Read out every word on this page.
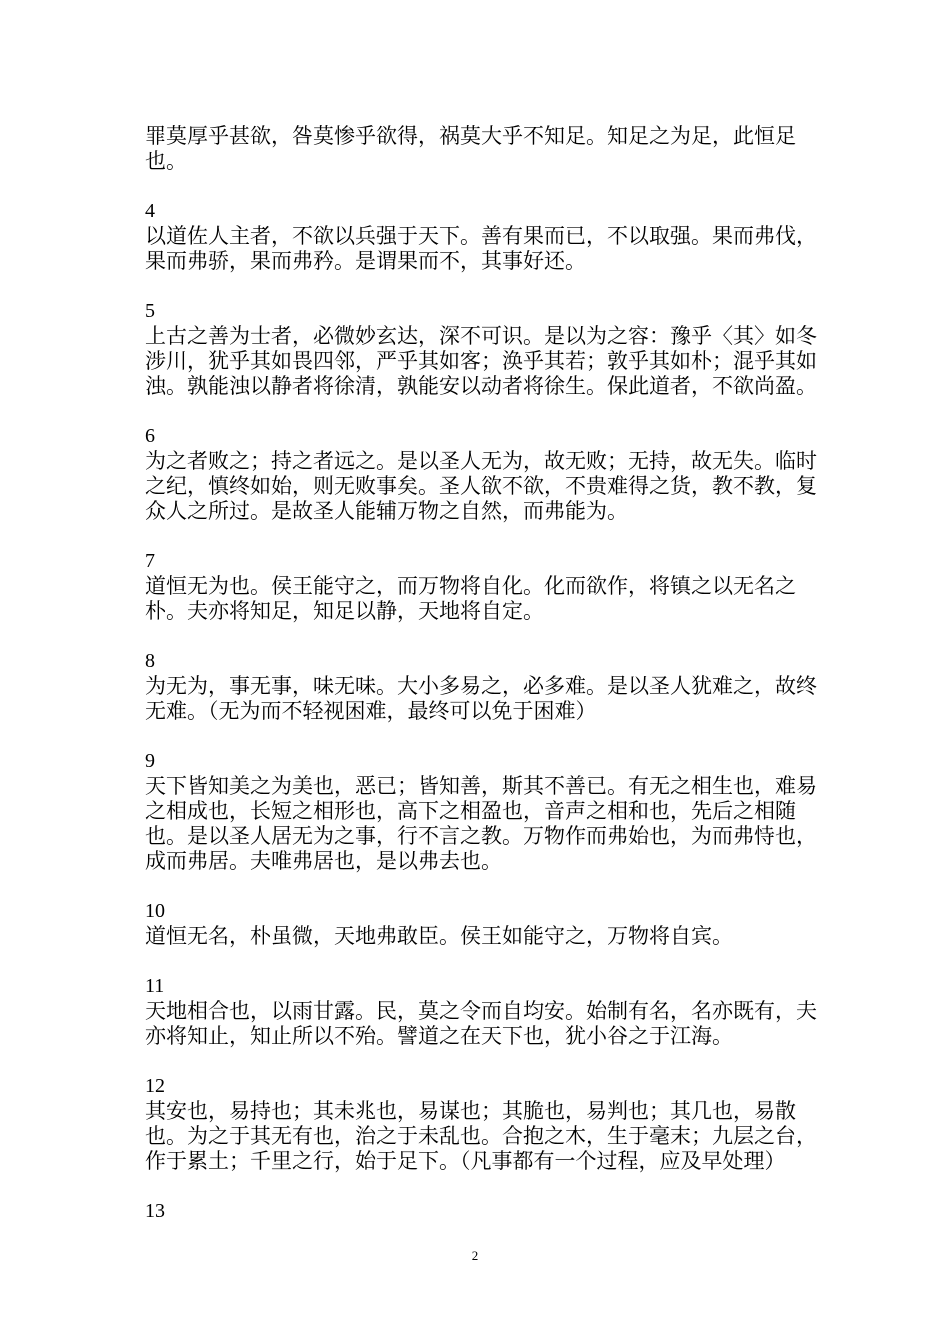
罪莫厚乎甚欲，咎莫惨乎欲得，祸莫大乎不知足。知足之为足，此恒足也。
4
以道佐人主者，不欲以兵强于天下。善有果而已，不以取强。果而弗伐，果而弗骄，果而弗矜。是谓果而不，其事好还。
5
上古之善为士者，必微妙玄达，深不可识。是以为之容：豫乎〈其〉如冬涉川，犹乎其如畏四邻，严乎其如客；涣乎其若；敦乎其如朴；混乎其如浊。孰能浊以静者将徐清，孰能安以动者将徐生。保此道者，不欲尚盈。
6
为之者败之；持之者远之。是以圣人无为，故无败；无持，故无失。临时之纪，慎终如始，则无败事矣。圣人欲不欲，不贵难得之货，教不教，复众人之所过。是故圣人能辅万物之自然，而弗能为。
7
道恒无为也。侯王能守之，而万物将自化。化而欲作，将镇之以无名之朴。夫亦将知足，知足以静，天地将自定。
8
为无为，事无事，味无味。大小多易之，必多难。是以圣人犹难之，故终无难。（无为而不轻视困难，最终可以免于困难）
9
天下皆知美之为美也，恶已；皆知善，斯其不善已。有无之相生也，难易之相成也，长短之相形也，高下之相盈也，音声之相和也，先后之相随也。是以圣人居无为之事，行不言之教。万物作而弗始也，为而弗恃也，成而弗居。夫唯弗居也，是以弗去也。
10
道恒无名，朴虽微，天地弗敢臣。侯王如能守之，万物将自宾。
11
天地相合也，以雨甘露。民，莫之令而自均安。始制有名，名亦既有，夫亦将知止，知止所以不殆。譬道之在天下也，犹小谷之于江海。
12
其安也，易持也；其未兆也，易谋也；其脆也，易判也；其几也，易散也。为之于其无有也，治之于未乱也。合抱之木，生于毫末；九层之台，作于累土；千里之行，始于足下。（凡事都有一个过程，应及早处理）
13
2
